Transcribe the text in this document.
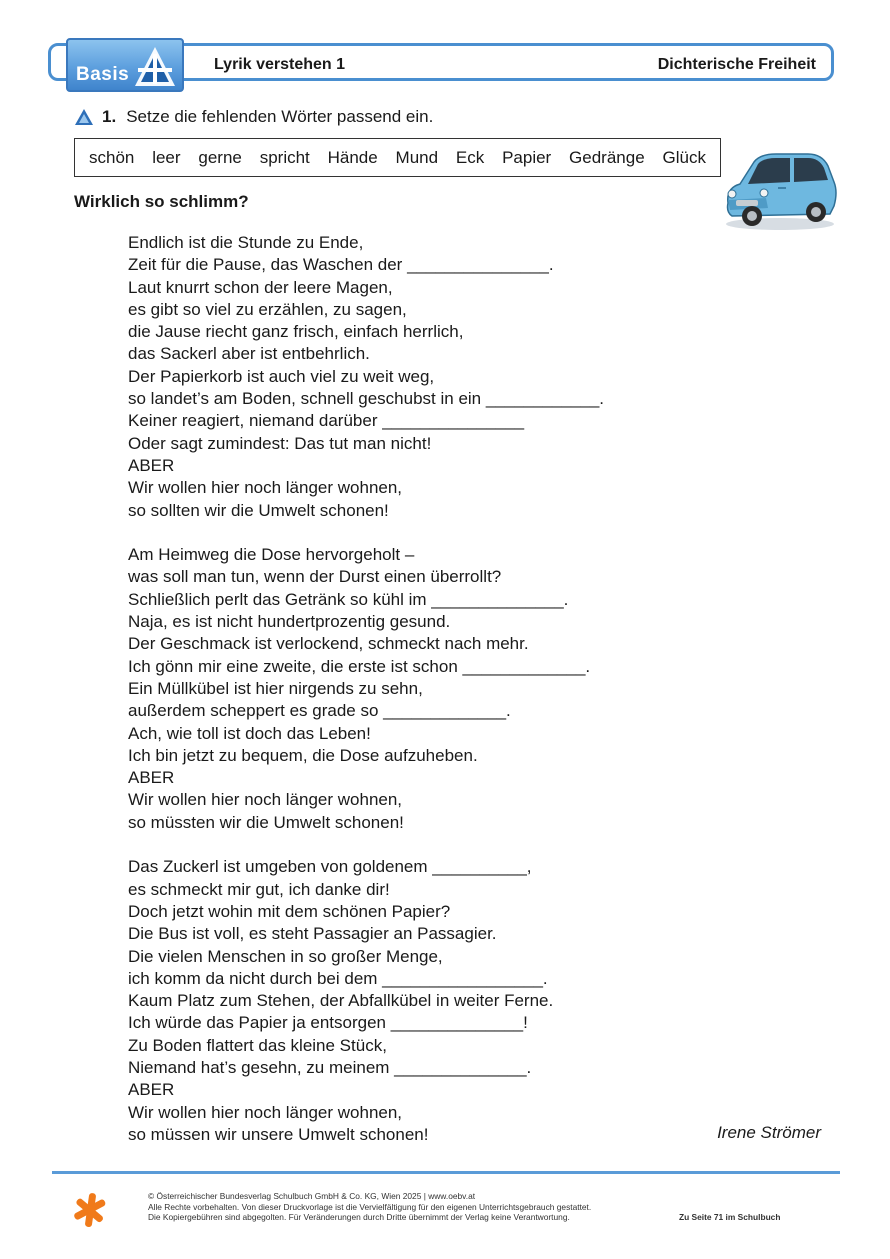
Basis	Lyrik verstehen 1	Dichterische Freiheit
1. Setze die fehlenden Wörter passend ein.
schön leer gerne spricht Hände Mund Eck Papier Gedränge Glück
Wirklich so schlimm?
Endlich ist die Stunde zu Ende,
Zeit für die Pause, das Waschen der _______________.
Laut knurrt schon der leere Magen,
es gibt so viel zu erzählen, zu sagen,
die Jause riecht ganz frisch, einfach herrlich,
das Sackerl aber ist entbehrlich.
Der Papierkorb ist auch viel zu weit weg,
so landet’s am Boden, schnell geschubst in ein ____________.
Keiner reagiert, niemand darüber _______________
Oder sagt zumindest: Das tut man nicht!
ABER
Wir wollen hier noch länger wohnen,
so sollten wir die Umwelt schonen!
Am Heimweg die Dose hervorgeholt –
was soll man tun, wenn der Durst einen überrollt?
Schließlich perlt das Getränk so kühl im ______________.
Naja, es ist nicht hundertprozentig gesund.
Der Geschmack ist verlockend, schmeckt nach mehr.
Ich gönn mir eine zweite, die erste ist schon _____________.
Ein Müllkübel ist hier nirgends zu sehn,
außerdem scheppert es grade so _____________.
Ach, wie toll ist doch das Leben!
Ich bin jetzt zu bequem, die Dose aufzuheben.
ABER
Wir wollen hier noch länger wohnen,
so müssten wir die Umwelt schonen!
Das Zuckerl ist umgeben von goldenem __________,
es schmeckt mir gut, ich danke dir!
Doch jetzt wohin mit dem schönen Papier?
Die Bus ist voll, es steht Passagier an Passagier.
Die vielen Menschen in so großer Menge,
ich komm da nicht durch bei dem _________________.
Kaum Platz zum Stehen, der Abfallkübel in weiter Ferne.
Ich würde das Papier ja entsorgen ______________!
Zu Boden flattert das kleine Stück,
Niemand hat’s gesehn, zu meinem ______________.
ABER
Wir wollen hier noch länger wohnen,
so müssen wir unsere Umwelt schonen!	Irene Strömer
© Österreichischer Bundesverlag Schulbuch GmbH & Co. KG, Wien 2025 | www.oebv.at
Alle Rechte vorbehalten. Von dieser Druckvorlage ist die Vervielfältigung für den eigenen Unterrichtsgebrauch gestattet.
Die Kopiergebühren sind abgegolten. Für Veränderungen durch Dritte übernimmt der Verlag keine Verantwortung.	Zu Seite 71 im Schulbuch
